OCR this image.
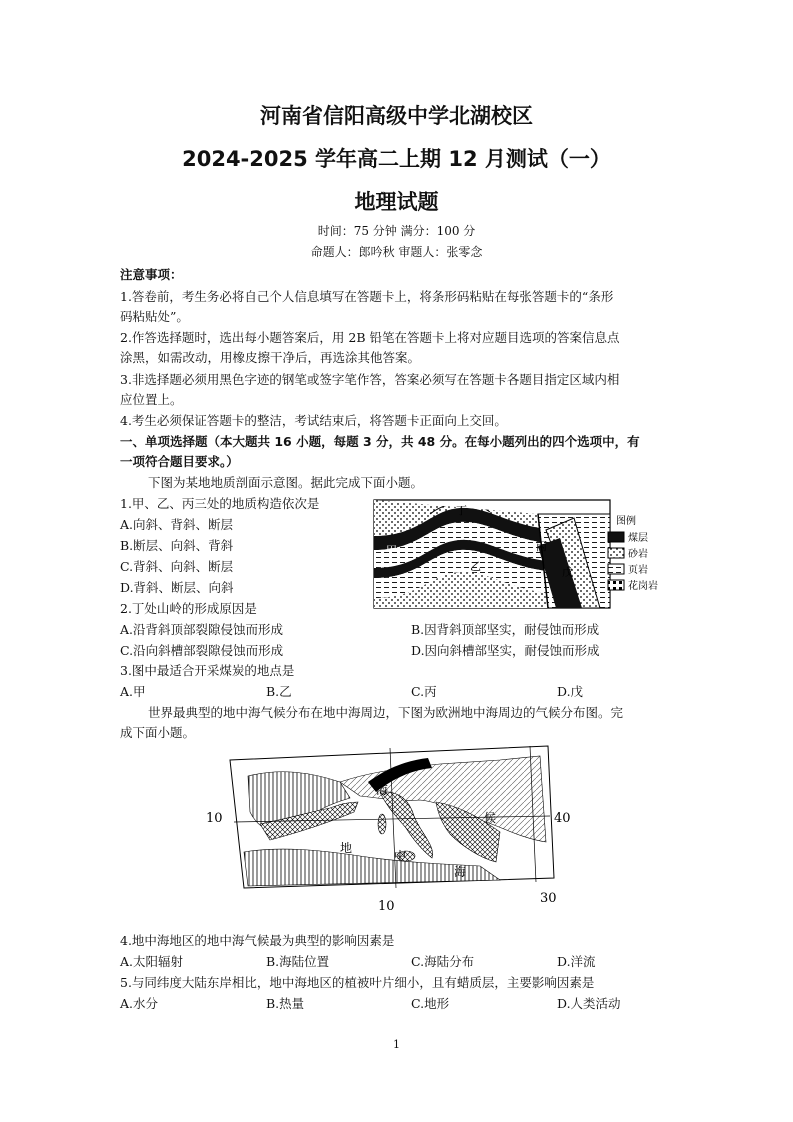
河南省信阳高级中学北湖校区
2024-2025 学年高二上期 12 月测试（一）
地理试题
时间：75 分钟 满分：100 分
命题人：郎吟秋 审题人：张零念
注意事项：
1.答卷前，考生务必将自己个人信息填写在答题卡上，将条形码粘贴在每张答题卡的“条形
码粘贴处”。
2.作答选择题时，选出每小题答案后，用 2B 铅笔在答题卡上将对应题目选项的答案信息点
涂黑，如需改动，用橡皮擦干净后，再选涂其他答案。
3.非选择题必须用黑色字迹的钢笔或签字笔作答，答案必须写在答题卡各题目指定区域内相
应位置上。
4.考生必须保证答题卡的整洁，考试结束后，将答题卡正面向上交回。
一、单项选择题（本大题共 16 小题，每题 3 分，共 48 分。在每小题列出的四个选项中，有
一项符合题目要求。）
下图为某地地质剖面示意图。据此完成下面小题。
1.甲、乙、丙三处的地质构造依次是
A.向斜、背斜、断层
B.断层、向斜、背斜
C.背斜、向斜、断层
D.背斜、断层、向斜
2.丁处山岭的形成原因是
A.沿背斜顶部裂隙侵蚀而形成	B.因背斜顶部坚实，耐侵蚀而形成
C.沿向斜槽部裂隙侵蚀而形成	D.因向斜槽部坚实，耐侵蚀而形成
3.图中最适合开采煤炭的地点是
A.甲	B.乙	C.丙	D.戊
丁
甲
乙
丙
戊
图例
煤层
砂岩
页岩
花岗岩
世界最典型的地中海气候分布在地中海周边，下图为欧洲地中海周边的气候分布图。完
成下面小题。
海
地
中
海
候
10	40
10
30
4.地中海地区的地中海气候最为典型的影响因素是
A.太阳辐射	B.海陆位置	C.海陆分布	D.洋流
5.与同纬度大陆东岸相比，地中海地区的植被叶片细小，且有蜡质层，主要影响因素是
A.水分	B.热量	C.地形	D.人类活动
1
